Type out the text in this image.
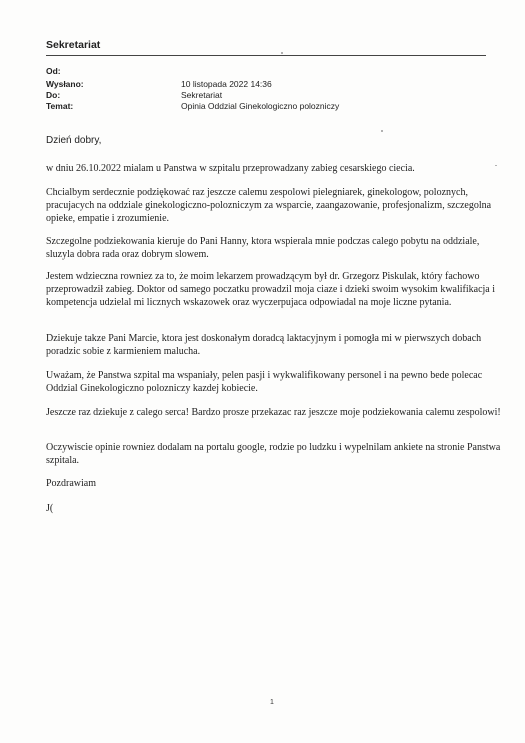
Sekretariat
Od:
Wysłano:	10 listopada 2022 14:36
Do:	Sekretariat
Temat:	Opinia Oddzial Ginekologiczno polozniczy
Dzień dobry,

w dniu 26.10.2022 mialam u Panstwa w szpitalu przeprowadzany zabieg cesarskiego ciecia.

Chcialbym serdecznie podziękować raz jeszcze calemu zespolowi pielegniarek, ginekologow, poloznych, pracujacych na oddziale ginekologiczno-polozniczym za wsparcie, zaangazowanie, profesjonalizm, szczegolna opieke, empatie i zrozumienie.

Szczegolne podziekowania kieruje do Pani Hanny, ktora wspierala mnie podczas calego pobytu na oddziale, sluzyla dobra rada oraz dobrym slowem.

Jestem wdzieczna rowniez za to, że moim lekarzem prowadzącym był dr. Grzegorz Piskulak, który fachowo przeprowadził zabieg. Doktor od samego poczatku prowadzil moja ciaze i dzieki swoim wysokim kwalifikacja i kompetencja udzielal mi licznych wskazowek oraz wyczerpujaca odpowiadal na moje liczne pytania.

Dziekuje takze Pani Marcie, ktora jest doskonałym doradcą laktacyjnym i pomogła mi w pierwszych dobach poradzic sobie z karmieniem malucha.

Uważam, że Panstwa szpital ma wspaniały, pelen pasji i wykwalifikowany personel i na pewno bede polecac Oddzial Ginekologiczno polozniczy kazdej kobiecie.

Jeszcze raz dziekuje z calego serca! Bardzo prosze przekazac raz jeszcze moje podziekowania calemu zespolowi!

Oczywiscie opinie rowniez dodalam na portalu google, rodzie po ludzku i wypelnilam ankiete na stronie Panstwa szpitala.

Pozdrawiam

J(

1
